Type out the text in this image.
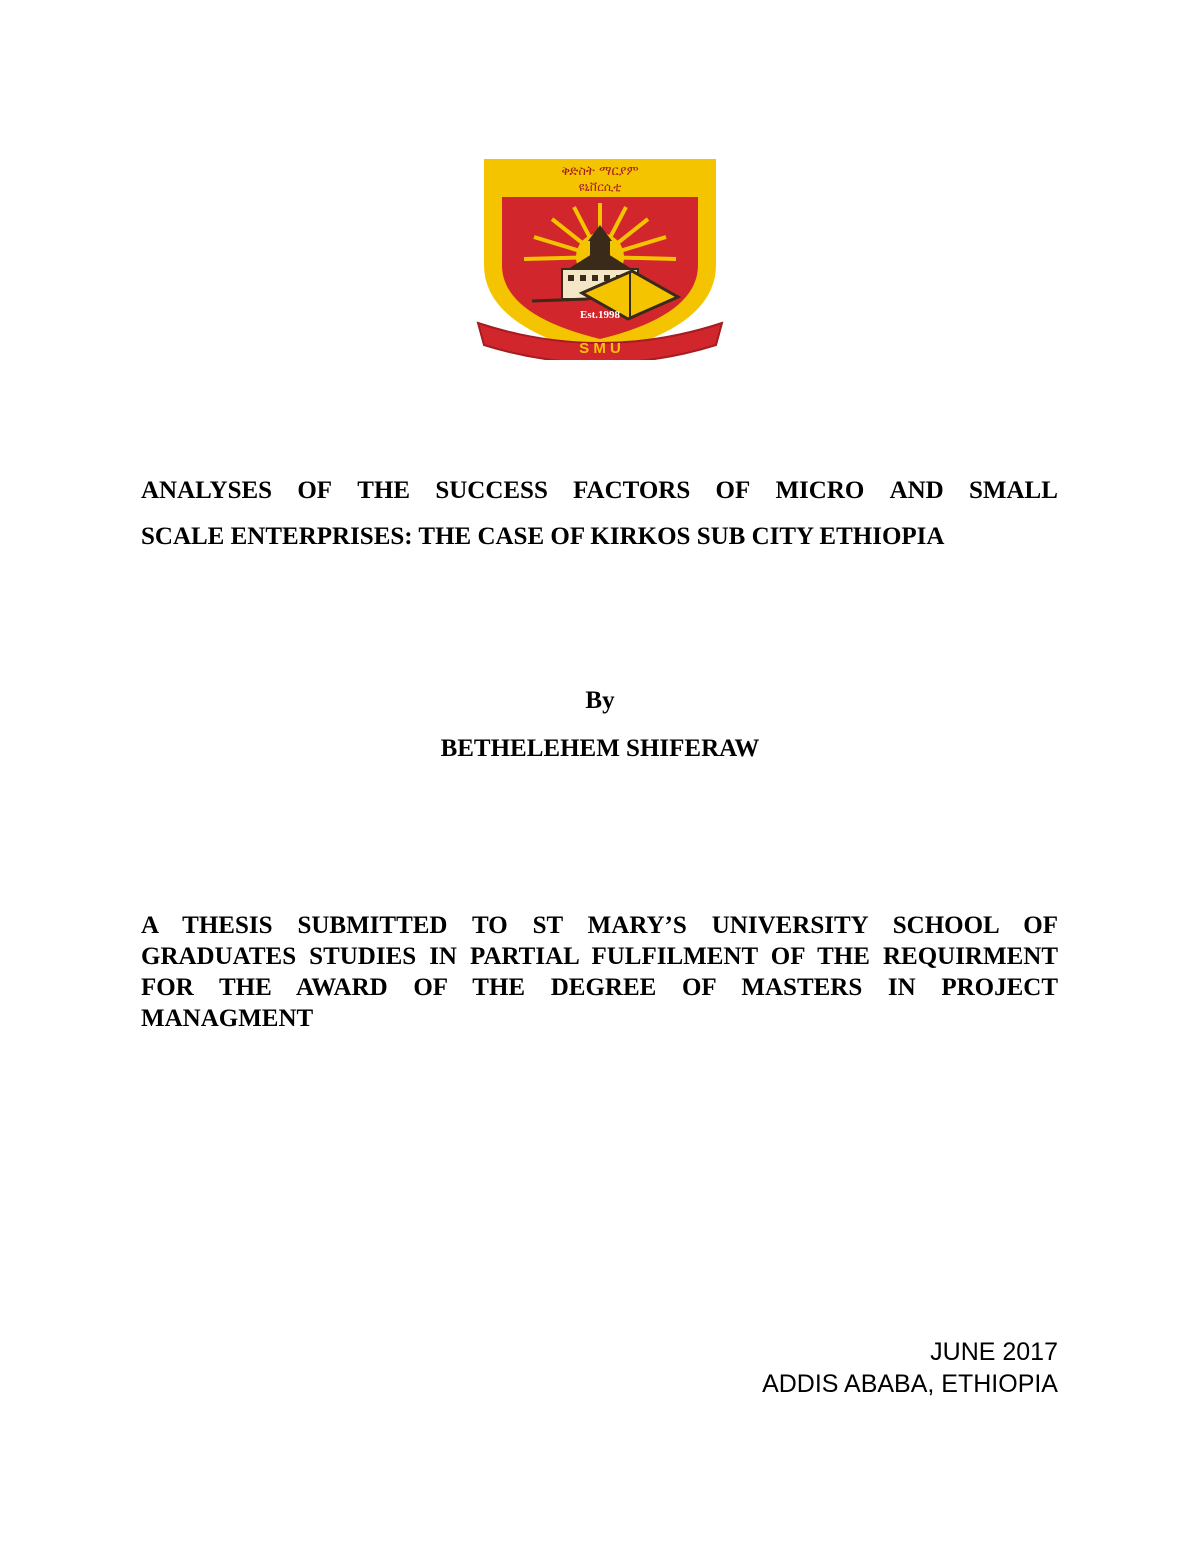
ቅድስት ማርያም
ዩኒቨርሲቲ
Est.1998
S M U
ANALYSES OF THE SUCCESS FACTORS OF MICRO AND SMALL
SCALE ENTERPRISES: THE CASE OF KIRKOS SUB CITY ETHIOPIA
By
BETHELEHEM SHIFERAW
A THESIS SUBMITTED TO ST MARY’S UNIVERSITY SCHOOL OF GRADUATES STUDIES IN PARTIAL FULFILMENT OF THE REQUIRMENT FOR THE AWARD OF THE DEGREE OF MASTERS IN PROJECT MANAGMENT
JUNE 2017
ADDIS ABABA, ETHIOPIA
